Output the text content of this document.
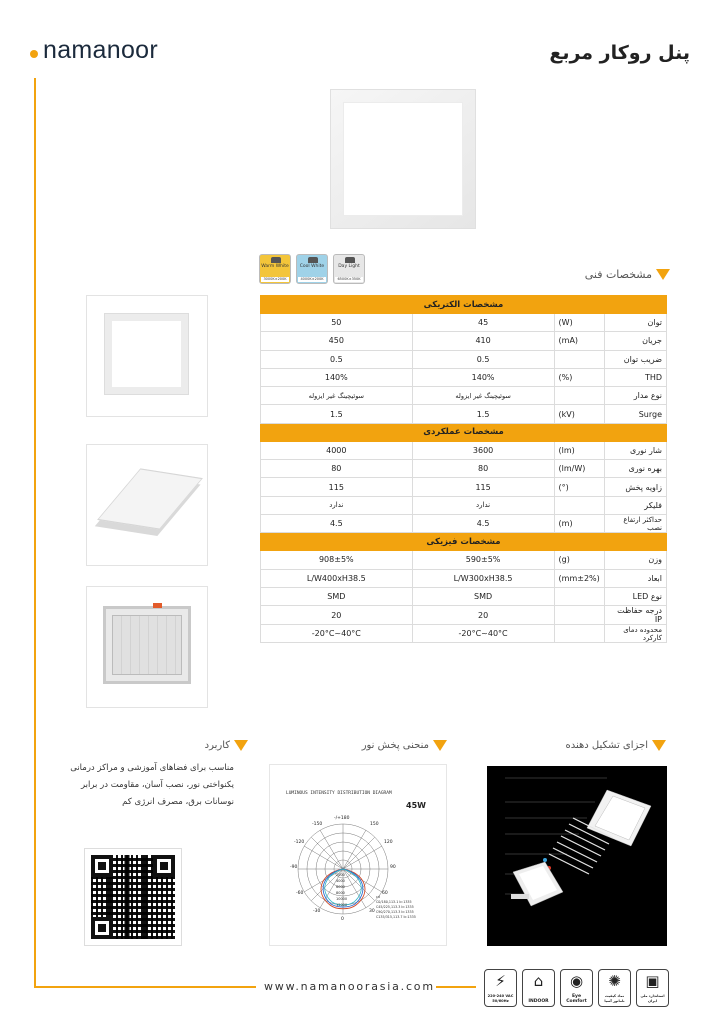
namanoor	پنل روکار مربع
Warm White
3000K±200K
Cool White
4000K±200K
Day Light
6500K±350K	مشخصات فنی
مشخصات الکتریکی			
50	45	(W)	توان
450	410	(mA)	جریان
0.5	0.5		ضریب توان
140%	140%	(%)	THD
سوئیچینگ غیر ایزوله	سوئیچینگ غیر ایزوله		نوع مدار
1.5	1.5	(kV)	Surge
مشخصات عملکردی			
4000	3600	(lm)	شار نوری
80	80	(lm/W)	بهره نوری
115	115	(°)	زاویه پخش
ندارد	ندارد		فلیکر
4.5	4.5	(m)	حداکثر ارتفاع نصب
مشخصات فیزیکی			
908±5%	590±5%	(g)	وزن
L/W400xH38.5	L/W300xH38.5	(mm±2%)	ابعاد
SMD	SMD		نوع LED
20	20		درجه حفاظت IP
-20°C~40°C	-20°C~40°C		محدوده دمای کارکرد
کاربرد	منحنی پخش نور	اجزای تشکیل دهنده
مناسب برای فضاهای آموزشی و مراکز درمانی یکنواختی نور، نصب آسان، مقاومت در برابر نوسانات برق، مصرف انرژی کم
LUMINOUS INTENSITY DISTRIBUTION DIAGRAM
45W
-/+180
-150	150
-120	120
-90	90
-60	60
-30	30
0
2000
4000
6000
8000
10000
12000
cd
C0/180,113.1 Ic:1335
C45/225,113.3 Ic:1335
C90/270,113.3 Ic:1335
C135/315,113.7 Ic:1335
www.namanoorasia.com	⚡
220-240 VAC 50/60Hz
⌂
INDOOR
◉
Eye Comfort
✺
نماد کیفیت نامانور آسیا
▣
استاندارد ملی ایران
